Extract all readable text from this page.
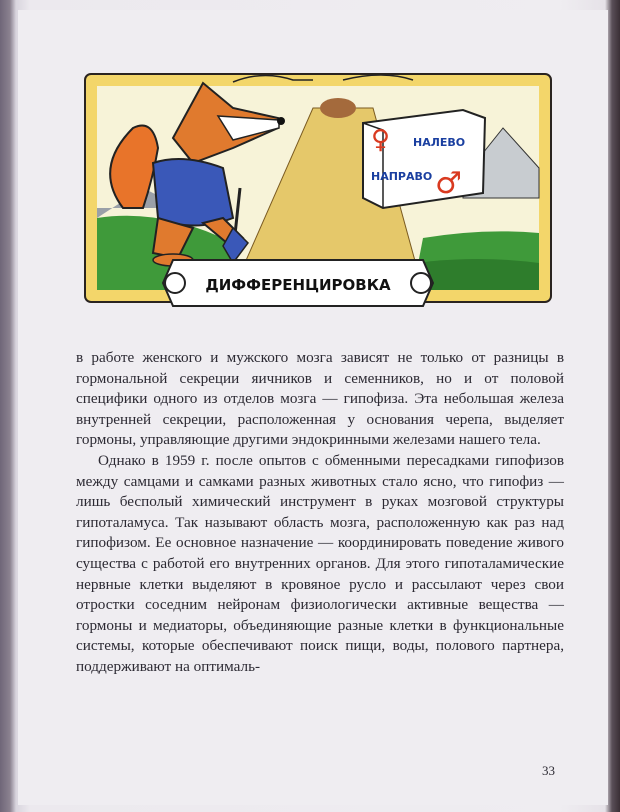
ДИФФЕРЕНЦИРОВКА
НАЛЕВО
НАПРАВО
♀
♂

в работе женского и мужского мозга зависят не только от разницы в гормональной секреции яичников и семенников, но и от половой специфики одного из отделов мозга — гипофиза. Эта небольшая железа внутренней секреции, расположенная у основания черепа, выделяет гормоны, управляющие другими эндокринными железами нашего тела.

Однако в 1959 г. после опытов с обменными пересадками гипофизов между самцами и самками разных животных стало ясно, что гипофиз — лишь бесполый химический инструмент в руках мозговой структуры гипоталамуса. Так называют область мозга, расположенную как раз над гипофизом. Ее основное назначение — координировать поведение живого существа с работой его внутренних органов. Для этого гипоталамические нервные клетки выделяют в кровяное русло и рассылают через свои отростки соседним нейронам физиологически активные вещества — гормоны и медиаторы, объединяющие разные клетки в функциональные системы, которые обеспечивают поиск пищи, воды, полового партнера, поддерживают на оптималь-

33
